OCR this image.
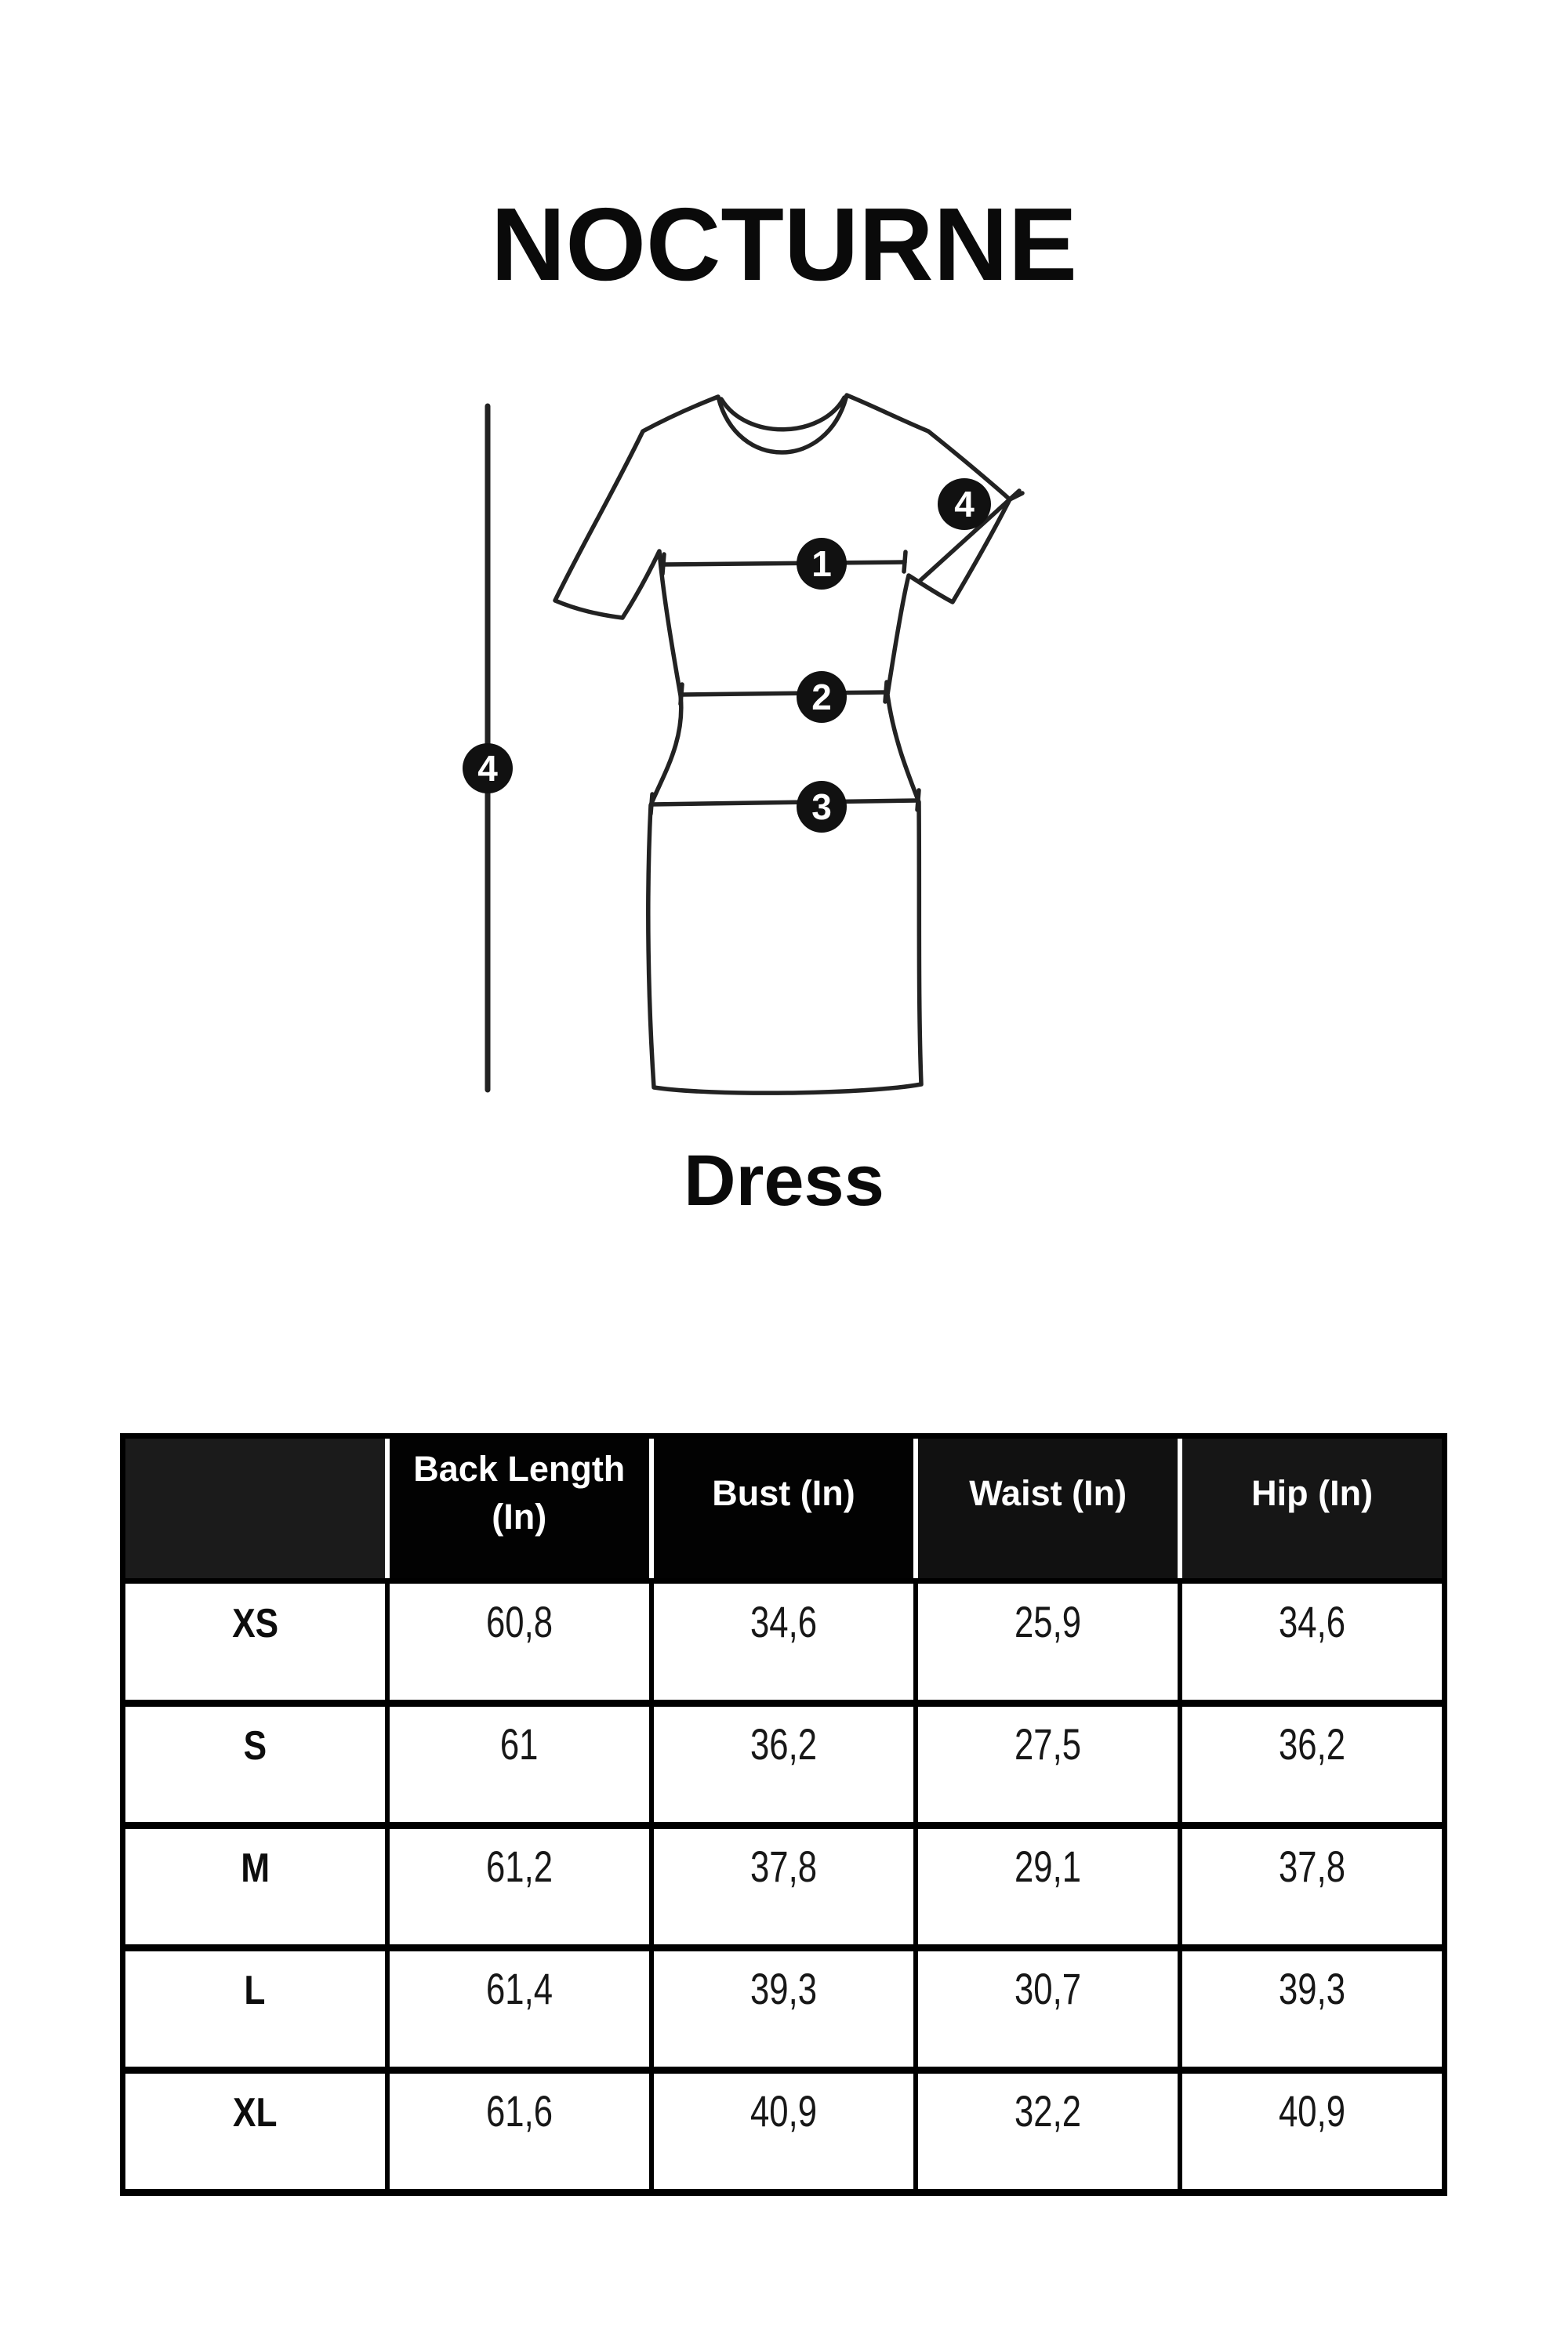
NOCTURNE
4
1
2
3
4
Dress
	Back Length (In)	Bust (In)	Waist (In)	Hip (In)
XS	60,8	34,6	25,9	34,6
S	61	36,2	27,5	36,2
M	61,2	37,8	29,1	37,8
L	61,4	39,3	30,7	39,3
XL	61,6	40,9	32,2	40,9
